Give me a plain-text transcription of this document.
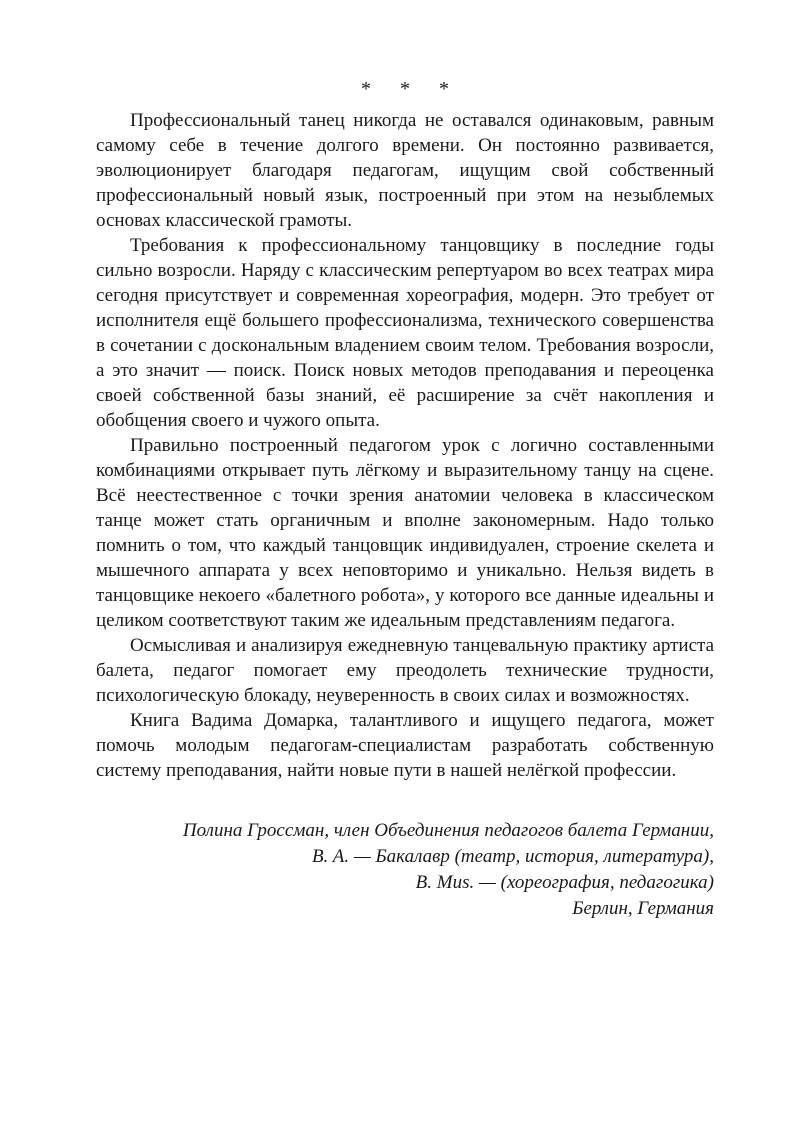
* * *

Профессиональный танец никогда не оставался одинаковым, равным самому себе в течение долгого времени. Он постоянно развивается, эволюционирует благодаря педагогам, ищущим свой собственный профессиональный новый язык, построенный при этом на незыблемых основах классической грамоты.

Требования к профессиональному танцовщику в последние годы сильно возросли. Наряду с классическим репертуаром во всех театрах мира сегодня присутствует и современная хореография, модерн. Это требует от исполнителя ещё большего профессионализма, технического совершенства в сочетании с доскональным владением своим телом. Требования возросли, а это значит — поиск. Поиск новых методов преподавания и переоценка своей собственной базы знаний, её расширение за счёт накопления и обобщения своего и чужого опыта.

Правильно построенный педагогом урок с логично составленными комбинациями открывает путь лёгкому и выразительному танцу на сцене. Всё неестественное с точки зрения анатомии человека в классическом танце может стать органичным и вполне закономерным. Надо только помнить о том, что каждый танцовщик индивидуален, строение скелета и мышечного аппарата у всех неповторимо и уникально. Нельзя видеть в танцовщике некоего «балетного робота», у которого все данные идеальны и целиком соответствуют таким же идеальным представлениям педагога.

Осмысливая и анализируя ежедневную танцевальную практику артиста балета, педагог помогает ему преодолеть технические трудности, психологическую блокаду, неуверенность в своих силах и возможностях.

Книга Вадима Домарка, талантливого и ищущего педагога, может помочь молодым педагогам-специалистам разработать собственную систему преподавания, найти новые пути в нашей нелёгкой профессии.

Полина Гроссман, член Объединения педагогов балета Германии,
B. A. — Бакалавр (театр, история, литература),
B. Mus. — (хореография, педагогика)
Берлин, Германия
